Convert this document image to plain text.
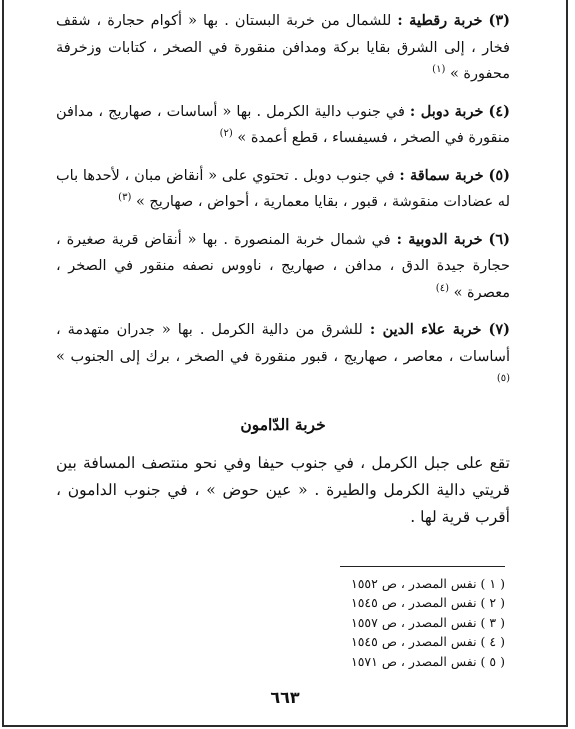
(٣) خربة رقطية : للشمال من خربة البستان . بها « أكوام حجارة ، شقف فخار ، إلى الشرق بقايا بركة ومدافن منقورة في الصخر ، كتابات وزخرفة محفورة » $^{(١)}$

(٤) خربة دوبل : في جنوب دالية الكرمل . بها « أساسات ، صهاريج ، مدافن منقورة في الصخر ، فسيفساء ، قطع أعمدة » $^{(٢)}$

(٥) خربة سماقة : في جنوب دوبل . تحتوي على « أنقاض مبان ، لأحدها باب له عضادات منقوشة ، قبور ، بقايا معمارية ، أحواض ، صهاريج » $^{(٣)}$

(٦) خربة الدوبية : في شمال خربة المنصورة . بها « أنقاض قرية صغيرة ، حجارة جيدة الدق ، مدافن ، صهاريج ، ناووس نصفه منقور في الصخر ، معصرة » $^{(٤)}$

(٧) خربة علاء الدين : للشرق من دالية الكرمل . بها « جدران متهدمة ، أساسات ، معاصر ، صهاريج ، قبور منقورة في الصخر ، برك إلى الجنوب » $^{(٥)}$

خربة الدّامون

تقع على جبل الكرمل ، في جنوب حيفا وفي نحو منتصف المسافة بين قريتي دالية الكرمل والطيرة . « عين حوض » ، في جنوب الدامون ، أقرب قرية لها .

( ١ ) نفس المصدر ، ص ١٥٥٢
( ٢ ) نفس المصدر ، ص ١٥٤٥
( ٣ ) نفس المصدر ، ص ١٥٥٧
( ٤ ) نفس المصدر ، ص ١٥٤٥
( ٥ ) نفس المصدر ، ص ١٥٧١
٦٦٣
